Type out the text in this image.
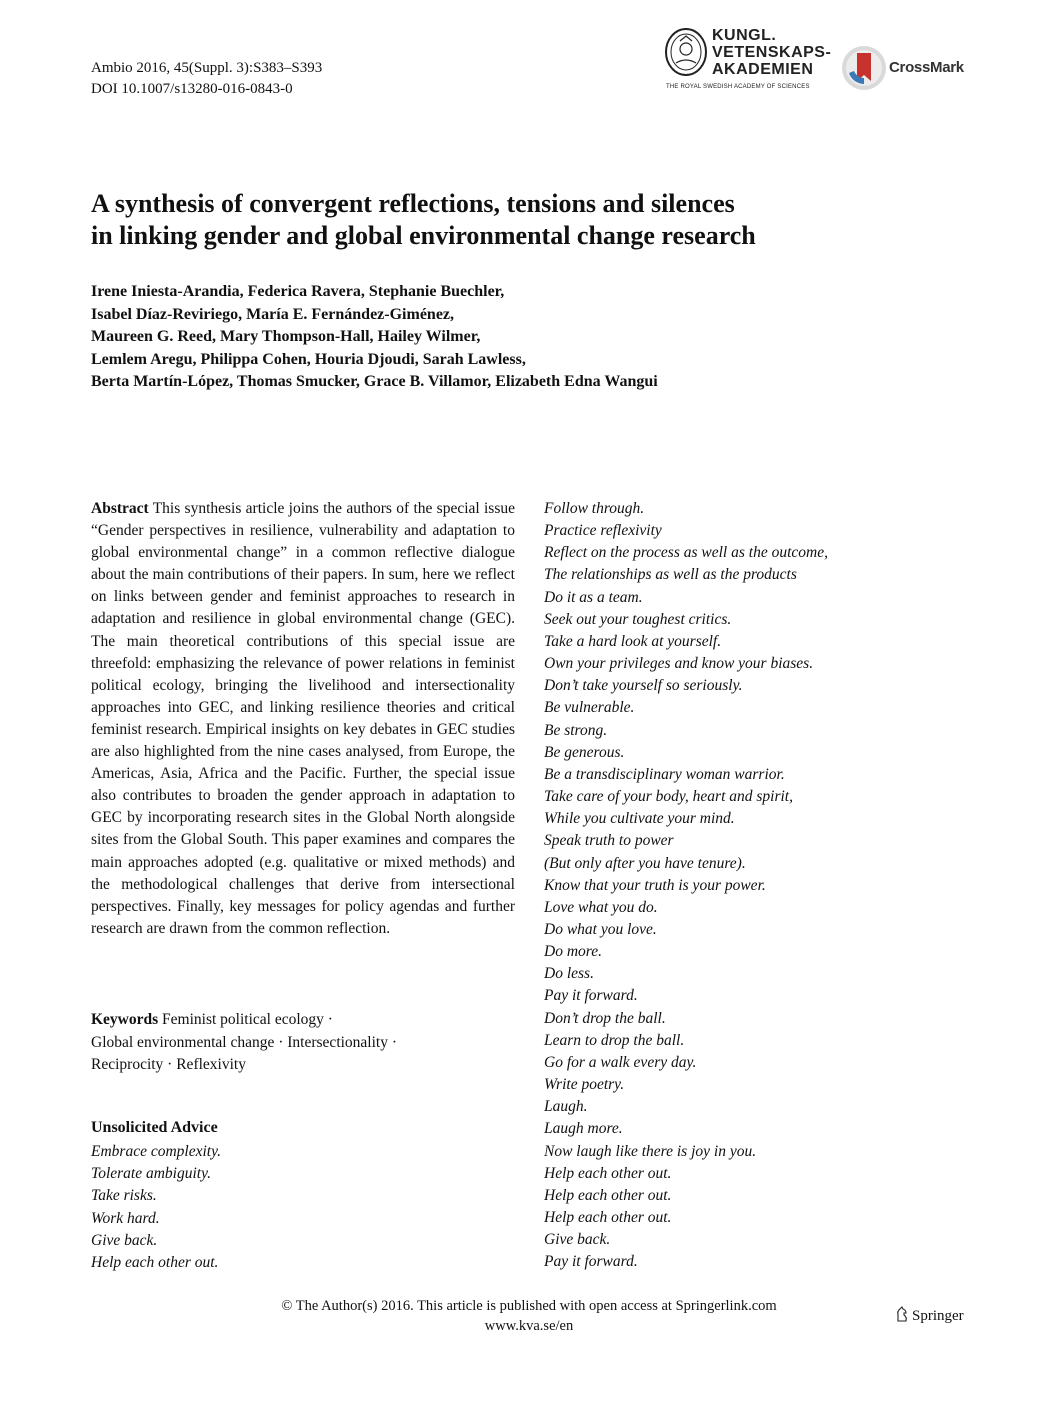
Ambio 2016, 45(Suppl. 3):S383–S393
DOI 10.1007/s13280-016-0843-0
KUNGL.
VETENSKAPS-
AKADEMIEN
THE ROYAL SWEDISH ACADEMY OF SCIENCES
CrossMark
A synthesis of convergent reflections, tensions and silences
in linking gender and global environmental change research
Irene Iniesta-Arandia, Federica Ravera, Stephanie Buechler,
Isabel Díaz-Reviriego, María E. Fernández-Giménez,
Maureen G. Reed, Mary Thompson-Hall, Hailey Wilmer,
Lemlem Aregu, Philippa Cohen, Houria Djoudi, Sarah Lawless,
Berta Martín-López, Thomas Smucker, Grace B. Villamor, Elizabeth Edna Wangui
Abstract This synthesis article joins the authors of the special issue “Gender perspectives in resilience, vulnerability and adaptation to global environmental change” in a common reflective dialogue about the main contributions of their papers. In sum, here we reflect on links between gender and feminist approaches to research in adaptation and resilience in global environmental change (GEC). The main theoretical contributions of this special issue are threefold: emphasizing the relevance of power relations in feminist political ecology, bringing the livelihood and intersectionality approaches into GEC, and linking resilience theories and critical feminist research. Empirical insights on key debates in GEC studies are also highlighted from the nine cases analysed, from Europe, the Americas, Asia, Africa and the Pacific. Further, the special issue also contributes to broaden the gender approach in adaptation to GEC by incorporating research sites in the Global North alongside sites from the Global South. This paper examines and compares the main approaches adopted (e.g. qualitative or mixed methods) and the methodological challenges that derive from intersectional perspectives. Finally, key messages for policy agendas and further research are drawn from the common reflection.
Keywords Feminist political ecology ·
Global environmental change · Intersectionality ·
Reciprocity · Reflexivity
Unsolicited Advice
Embrace complexity.
Tolerate ambiguity.
Take risks.
Work hard.
Give back.
Help each other out.
Follow through.
Practice reflexivity
Reflect on the process as well as the outcome,
The relationships as well as the products
Do it as a team.
Seek out your toughest critics.
Take a hard look at yourself.
Own your privileges and know your biases.
Don’t take yourself so seriously.
Be vulnerable.
Be strong.
Be generous.
Be a transdisciplinary woman warrior.
Take care of your body, heart and spirit,
While you cultivate your mind.
Speak truth to power
(But only after you have tenure).
Know that your truth is your power.
Love what you do.
Do what you love.
Do more.
Do less.
Pay it forward.
Don’t drop the ball.
Learn to drop the ball.
Go for a walk every day.
Write poetry.
Laugh.
Laugh more.
Now laugh like there is joy in you.
Help each other out.
Help each other out.
Help each other out.
Give back.
Pay it forward.
© The Author(s) 2016. This article is published with open access at Springerlink.com
www.kva.se/en
Springer
